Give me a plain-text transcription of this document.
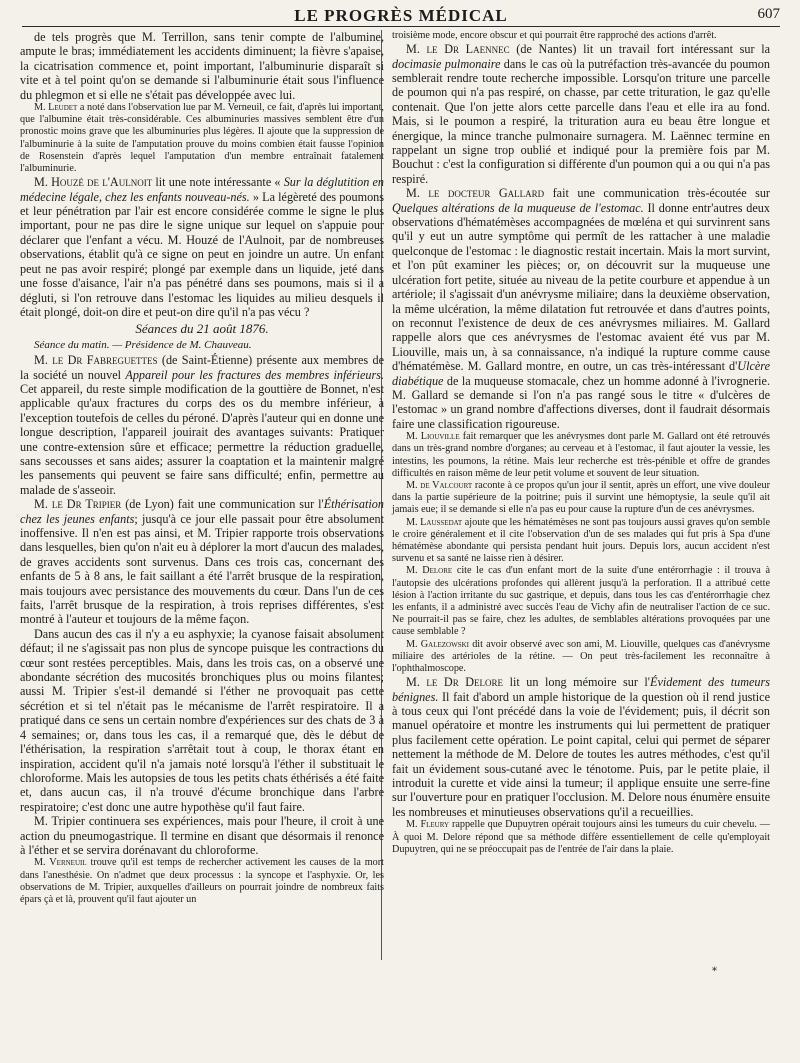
LE PROGRÈS MÉDICAL	607

de tels progrès que M. Terrillon, sans tenir compte de l'albumine, ampute le bras; immédiatement les accidents diminuent; la fièvre s'apaise, la cicatrisation commence et, point important, l'albuminurie disparaît si vite et à tel point qu'on se demande si l'albuminurie était sous l'influence du phlegmon et si elle ne s'était pas développée avec lui.

M. Leudet a noté dans l'observation lue par M. Verneuil, ce fait, d'après lui important, que l'albumine était très-considérable. Ces albuminuries massives semblent être d'un pronostic moins grave que les albuminuries plus légères. Il ajoute que la suppression de l'albuminurie à la suite de l'amputation prouve du moins combien était fausse l'opinion de Rosenstein d'après lequel l'amputation d'un membre entraînait fatalement l'albuminurie.

M. Houzé de l'Aulnoit lit une note intéressante « Sur la déglutition en médecine légale, chez les enfants nouveau-nés. » La légèreté des poumons et leur pénétration par l'air est encore considérée comme le signe le plus important, pour ne pas dire le signe unique sur lequel on s'appuie pour déclarer que l'enfant a vécu. M. Houzé de l'Aulnoit, par de nombreuses observations, établit qu'à ce signe on peut en joindre un autre. Un enfant peut ne pas avoir respiré; plongé par exemple dans un liquide, jeté dans une fosse d'aisance, l'air n'a pas pénétré dans ses poumons, mais si il a dégluti, si l'on retrouve dans l'estomac les liquides au milieu desquels il était plongé, doit-on dire et peut-on dire qu'il n'a pas vécu ?

Séances du 21 août 1876.
Séance du matin. — Présidence de M. Chauveau.

M. le Dr Fabreguettes (de Saint-Étienne) présente aux membres de la société un nouvel Appareil pour les fractures des membres inférieurs. Cet appareil, du reste simple modification de la gouttière de Bonnet, n'est applicable qu'aux fractures du corps des os du membre inférieur, à l'exception toutefois de celles du péroné. D'après l'auteur qui en donne une longue description, l'appareil jouirait des avantages suivants: Pratiquer une contre-extension sûre et efficace; permettre la réduction graduelle, sans secousses et sans aides; assurer la coaptation et la maintenir malgré les pansements qui peuvent se faire sans difficulté; enfin, permettre au malade de s'asseoir.

M. le Dr Tripier (de Lyon) fait une communication sur l'Éthérisation chez les jeunes enfants; jusqu'à ce jour elle passait pour être absolument inoffensive. Il n'en est pas ainsi, et M. Tripier rapporte trois observations dans lesquelles, bien qu'on n'ait eu à déplorer la mort d'aucun des malades, de graves accidents sont survenus. Dans ces trois cas, concernant des enfants de 5 à 8 ans, le fait saillant a été l'arrêt brusque de la respiration, mais toujours avec persistance des mouvements du cœur. Dans l'un de ces faits, l'arrêt brusque de la respiration, à trois reprises différentes, s'est montré à l'auteur et toujours de la même façon.

Dans aucun des cas il n'y a eu asphyxie; la cyanose faisait absolument défaut; il ne s'agissait pas non plus de syncope puisque les contractions du cœur sont restées perceptibles. Mais, dans les trois cas, on a observé une abondante sécrétion des mucosités bronchiques plus ou moins filantes; aussi M. Tripier s'est-il demandé si l'éther ne provoquait pas cette sécrétion et si tel n'était pas le mécanisme de l'arrêt respiratoire. Il a pratiqué dans ce sens un certain nombre d'expériences sur des chats de 3 à 4 semaines; or, dans tous les cas, il a remarqué que, dès le début de l'éthérisation, la respiration s'arrêtait tout à coup, le thorax étant en inspiration, accident qu'il n'a jamais noté lorsqu'à l'éther il substituait le chloroforme. Mais les autopsies de tous les petits chats éthérisés a été faite et, dans aucun cas, il n'a trouvé d'écume bronchique dans l'arbre respiratoire; c'est donc une autre hypothèse qu'il faut faire.

M. Tripier continuera ses expériences, mais pour l'heure, il croit à une action du pneumogastrique. Il termine en disant que désormais il renonce à l'éther et se servira dorénavant du chloroforme.

M. Verneuil trouve qu'il est temps de rechercher activement les causes de la mort dans l'anesthésie. On n'admet que deux processus : la syncope et l'asphyxie. Or, les observations de M. Tripier, auxquelles d'ailleurs on pourrait joindre de nombreux faits épars çà et là, prouvent qu'il faut ajouter un

troisième mode, encore obscur et qui pourrait être rapproché des actions d'arrêt.

M. le Dr Laennec (de Nantes) lit un travail fort intéressant sur la docimasie pulmonaire dans le cas où la putréfaction très-avancée du poumon semblerait rendre toute recherche impossible. Lorsqu'on triture une parcelle de poumon qui n'a pas respiré, on chasse, par cette trituration, le gaz qu'elle contenait. Que l'on jette alors cette parcelle dans l'eau et elle ira au fond. Mais, si le poumon a respiré, la trituration aura eu beau être longue et énergique, la mince tranche pulmonaire surnagera. M. Laënnec termine en rappelant un signe trop oublié et indiqué pour la première fois par M. Bouchut : c'est la configuration si différente d'un poumon qui a ou qui n'a pas respiré.

M. le docteur Gallard fait une communication très-écoutée sur Quelques altérations de la muqueuse de l'estomac. Il donne entr'autres deux observations d'hématémèses accompagnées de mœléna et qui survinrent sans qu'il y eut un autre symptôme qui permît de les rattacher à une maladie quelconque de l'estomac : le diagnostic restait incertain. Mais la mort survint, et l'on pût examiner les pièces; or, on découvrit sur la muqueuse une ulcération fort petite, située au niveau de la petite courbure et appendue à un artériole; il s'agissait d'un anévrysme miliaire; dans la deuxième observation, la même ulcération, la même dilatation fut retrouvée et dans d'autres points, on reconnut l'existence de deux de ces anévrysmes miliaires. M. Gallard rappelle alors que ces anévrysmes de l'estomac avaient été vus par M. Liouville, mais un, à sa connaissance, n'a indiqué la rupture comme cause d'hématémèse. M. Gallard montre, en outre, un cas très-intéressant d'Ulcère diabétique de la muqueuse stomacale, chez un homme adonné à l'ivrognerie. M. Gallard se demande si l'on n'a pas rangé sous le titre « d'ulcères de l'estomac » un grand nombre d'affections diverses, dont il faudrait désormais faire une classification rigoureuse.

M. Liouville fait remarquer que les anévrysmes dont parle M. Gallard ont été retrouvés dans un très-grand nombre d'organes; au cerveau et à l'estomac, il faut ajouter la vessie, les intestins, les poumons, la rétine. Mais leur recherche est très-pénible et offre de grandes difficultés en raison même de leur petit volume et souvent de leur situation.

M. de Valcourt raconte à ce propos qu'un jour il sentit, après un effort, une vive douleur dans la partie supérieure de la poitrine; puis il survint une hémoptysie, la seule qu'il ait jamais eue; il se demande si elle n'a pas eu pour cause la rupture d'un de ces anévrysmes.

M. Laussedat ajoute que les hématémèses ne sont pas toujours aussi graves qu'on semble le croire généralement et il cite l'observation d'un de ses malades qui fut pris à Spa d'une hématémèse abondante qui persista pendant huit jours. Depuis lors, aucun accident n'est survenu et sa santé ne laisse rien à désirer.

M. Delore cite le cas d'un enfant mort de la suite d'une entérorrhagie : il trouva à l'autopsie des ulcérations profondes qui allèrent jusqu'à la perforation. Il a attribué cette lésion à l'action irritante du suc gastrique, et depuis, dans tous les cas d'entérorrhagie chez les enfants, il a administré avec succès l'eau de Vichy afin de neutraliser l'action de ce suc. Ne pourrait-il pas se faire, chez les adultes, de semblables altérations provoquées par une cause semblable ?

M. Galezowski dit avoir observé avec son ami, M. Liouville, quelques cas d'anévrysme miliaire des artérioles de la rétine. — On peut très-facilement les reconnaître à l'ophthalmoscope.

M. le Dr Delore lit un long mémoire sur l'Évidement des tumeurs bénignes. Il fait d'abord un ample historique de la question où il rend justice à tous ceux qui l'ont précédé dans la voie de l'évidement; puis, il décrit son manuel opératoire et montre les instruments qui lui permettent de pratiquer plus facilement cette opération. Le point capital, celui qui permet de séparer nettement la méthode de M. Delore de toutes les autres méthodes, c'est qu'il fait un évidement sous-cutané avec le ténotome. Puis, par le petite plaie, il introduit la curette et vide ainsi la tumeur; il applique ensuite une serre-fine sur l'ouverture pour en pratiquer l'occlusion. M. Delore nous énumère ensuite les nombreuses et minutieuses observations qu'il a recueillies.

M. Fleury rappelle que Dupuytren opérait toujours ainsi les tumeurs du cuir chevelu. — À quoi M. Delore répond que sa méthode diffère essentiellement de celle qu'employait Dupuytren, qui ne se préoccupait pas de l'entrée de l'air dans la plaie.

*
